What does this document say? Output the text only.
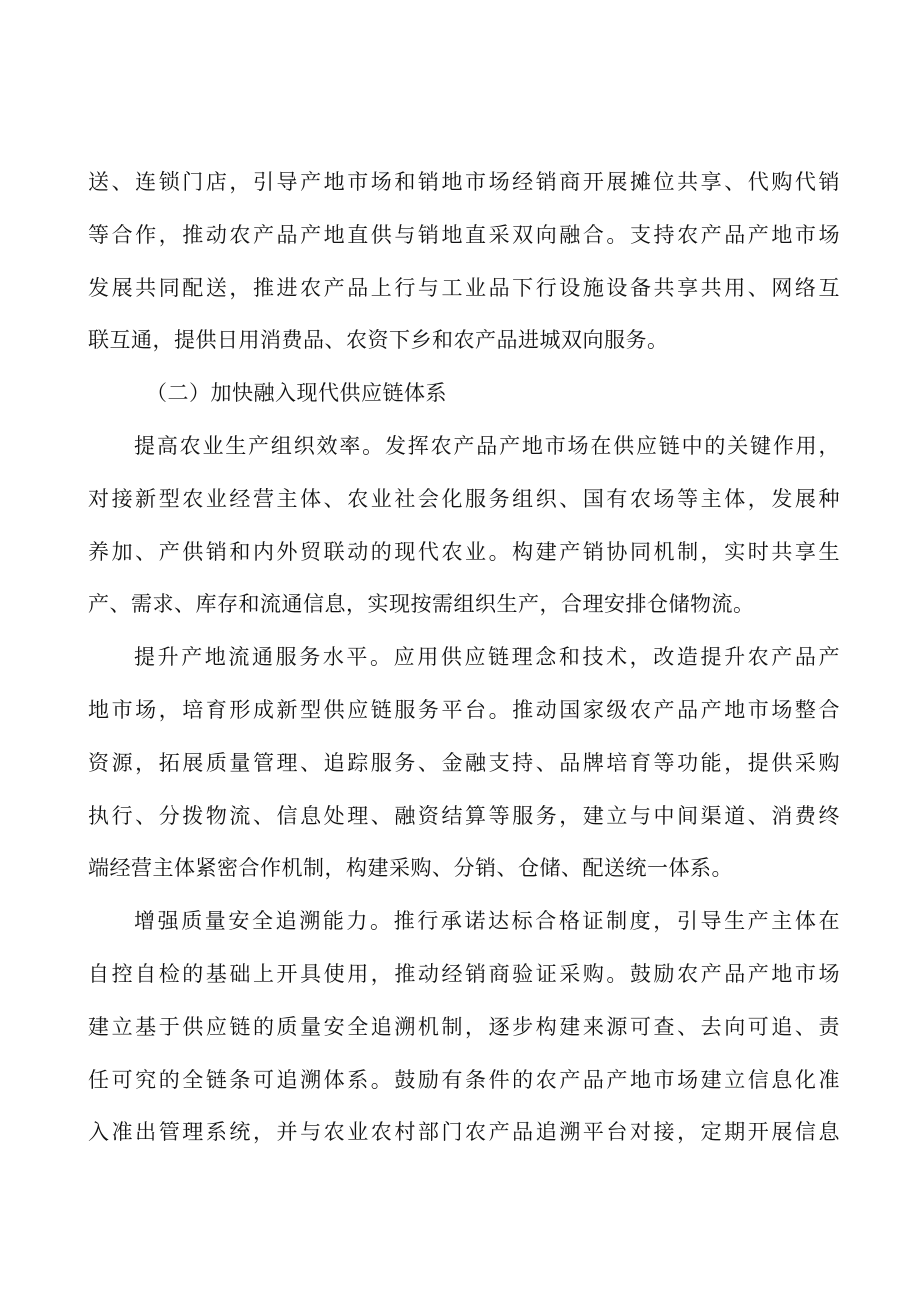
送、连锁门店，引导产地市场和销地市场经销商开展摊位共享、代购代销
等合作，推动农产品产地直供与销地直采双向融合。支持农产品产地市场
发展共同配送，推进农产品上行与工业品下行设施设备共享共用、网络互
联互通，提供日用消费品、农资下乡和农产品进城双向服务。
（二）加快融入现代供应链体系
提高农业生产组织效率。发挥农产品产地市场在供应链中的关键作用，
对接新型农业经营主体、农业社会化服务组织、国有农场等主体，发展种
养加、产供销和内外贸联动的现代农业。构建产销协同机制，实时共享生
产、需求、库存和流通信息，实现按需组织生产，合理安排仓储物流。
提升产地流通服务水平。应用供应链理念和技术，改造提升农产品产
地市场，培育形成新型供应链服务平台。推动国家级农产品产地市场整合
资源，拓展质量管理、追踪服务、金融支持、品牌培育等功能，提供采购
执行、分拨物流、信息处理、融资结算等服务，建立与中间渠道、消费终
端经营主体紧密合作机制，构建采购、分销、仓储、配送统一体系。
增强质量安全追溯能力。推行承诺达标合格证制度，引导生产主体在
自控自检的基础上开具使用，推动经销商验证采购。鼓励农产品产地市场
建立基于供应链的质量安全追溯机制，逐步构建来源可查、去向可追、责
任可究的全链条可追溯体系。鼓励有条件的农产品产地市场建立信息化准
入准出管理系统，并与农业农村部门农产品追溯平台对接，定期开展信息
